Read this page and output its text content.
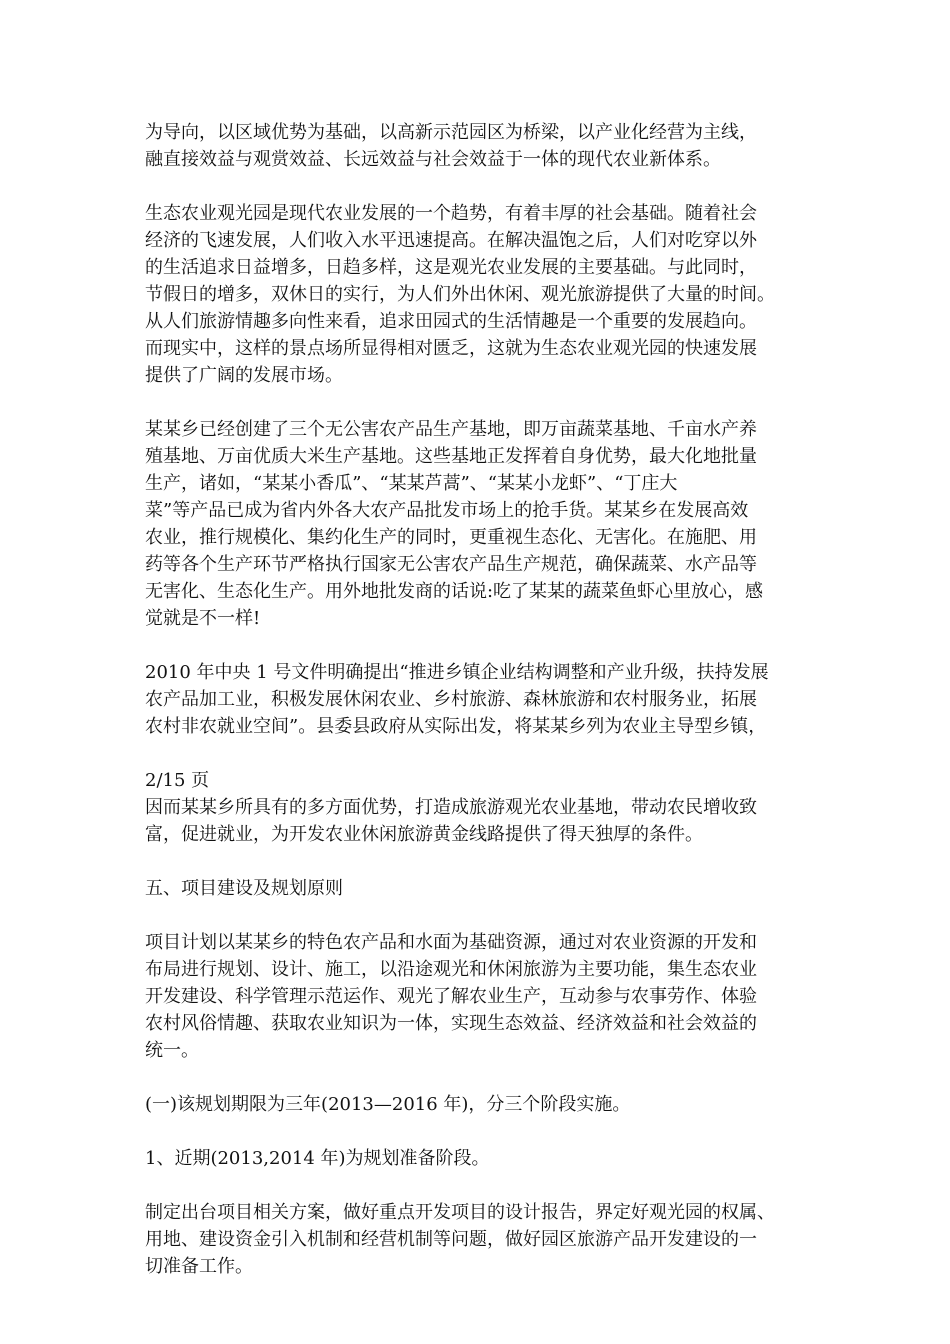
为导向，以区域优势为基础，以高新示范园区为桥梁，以产业化经营为主线，
融直接效益与观赏效益、长远效益与社会效益于一体的现代农业新体系。

生态农业观光园是现代农业发展的一个趋势，有着丰厚的社会基础。随着社会
经济的飞速发展，人们收入水平迅速提高。在解决温饱之后，人们对吃穿以外
的生活追求日益增多，日趋多样，这是观光农业发展的主要基础。与此同时，
节假日的增多，双休日的实行，为人们外出休闲、观光旅游提供了大量的时间。
从人们旅游情趣多向性来看，追求田园式的生活情趣是一个重要的发展趋向。
而现实中，这样的景点场所显得相对匮乏，这就为生态农业观光园的快速发展
提供了广阔的发展市场。

某某乡已经创建了三个无公害农产品生产基地，即万亩蔬菜基地、千亩水产养
殖基地、万亩优质大米生产基地。这些基地正发挥着自身优势，最大化地批量
生产，诸如，“某某小香瓜”、“某某芦蒿”、“某某小龙虾”、“丁庄大
菜”等产品已成为省内外各大农产品批发市场上的抢手货。某某乡在发展高效
农业，推行规模化、集约化生产的同时，更重视生态化、无害化。在施肥、用
药等各个生产环节严格执行国家无公害农产品生产规范，确保蔬菜、水产品等
无害化、生态化生产。用外地批发商的话说:吃了某某的蔬菜鱼虾心里放心，感
觉就是不一样!

2010 年中央 1 号文件明确提出“推进乡镇企业结构调整和产业升级，扶持发展
农产品加工业，积极发展休闲农业、乡村旅游、森林旅游和农村服务业，拓展
农村非农就业空间”。县委县政府从实际出发，将某某乡列为农业主导型乡镇，

2/15 页

因而某某乡所具有的多方面优势，打造成旅游观光农业基地，带动农民增收致
富，促进就业，为开发农业休闲旅游黄金线路提供了得天独厚的条件。

五、项目建设及规划原则

项目计划以某某乡的特色农产品和水面为基础资源，通过对农业资源的开发和
布局进行规划、设计、施工，以沿途观光和休闲旅游为主要功能，集生态农业
开发建设、科学管理示范运作、观光了解农业生产，互动参与农事劳作、体验
农村风俗情趣、获取农业知识为一体，实现生态效益、经济效益和社会效益的
统一。

(一)该规划期限为三年(2013—2016 年)，分三个阶段实施。

1、近期(2013,2014 年)为规划准备阶段。

制定出台项目相关方案，做好重点开发项目的设计报告，界定好观光园的权属、
用地、建设资金引入机制和经营机制等问题，做好园区旅游产品开发建设的一
切准备工作。
